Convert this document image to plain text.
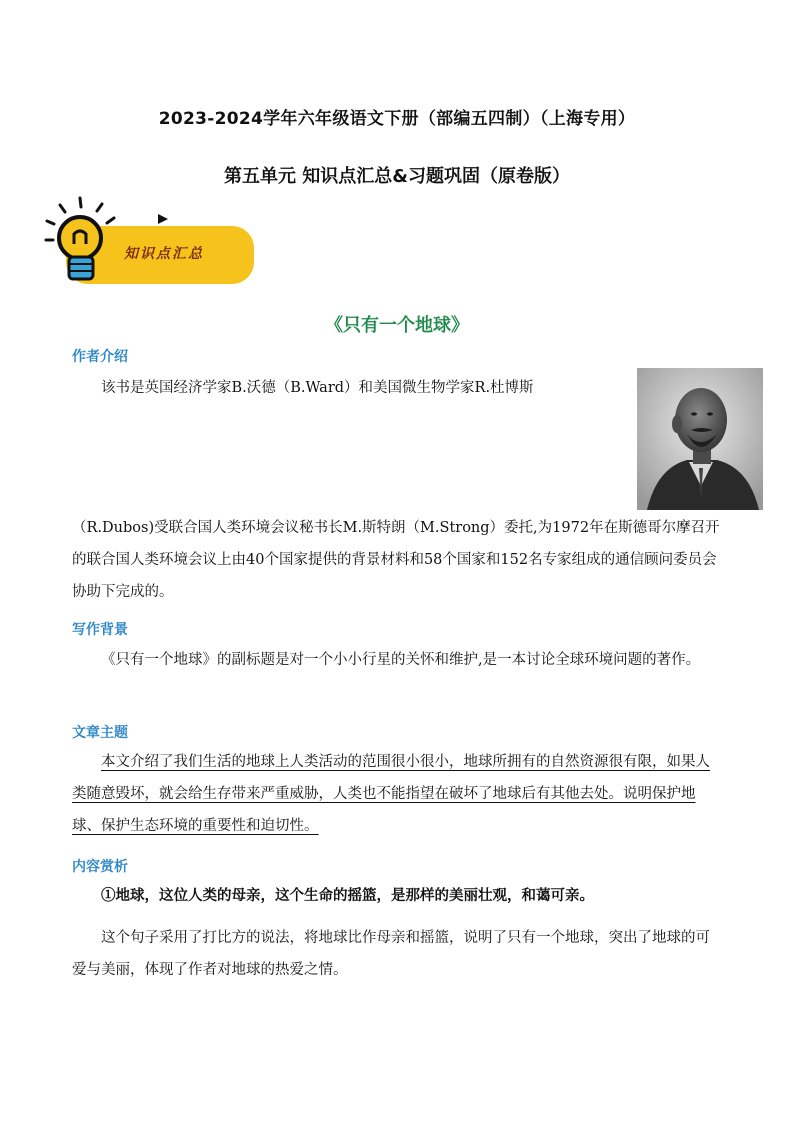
2023-2024学年六年级语文下册（部编五四制）（上海专用）
第五单元 知识点汇总&习题巩固（原卷版）
知识点汇总
《只有一个地球》
作者介绍
该书是英国经济学家B.沃德（B.Ward）和美国微生物学家R.杜博斯
（R.Dubos)受联合国人类环境会议秘书长M.斯特朗（M.Strong）委托,为1972年在斯德哥尔摩召开的联合国人类环境会议上由40个国家提供的背景材料和58个国家和152名专家组成的通信顾问委员会协助下完成的。
写作背景
《只有一个地球》的副标题是对一个小小行星的关怀和维护,是一本讨论全球环境问题的著作。
文章主题
本文介绍了我们生活的地球上人类活动的范围很小很小，地球所拥有的自然资源很有限，如果人类随意毁坏，就会给生存带来严重威胁，人类也不能指望在破坏了地球后有其他去处。说明保护地球、保护生态环境的重要性和迫切性。
内容赏析
①地球，这位人类的母亲，这个生命的摇篮，是那样的美丽壮观，和蔼可亲。
这个句子采用了打比方的说法，将地球比作母亲和摇篮，说明了只有一个地球，突出了地球的可爱与美丽，体现了作者对地球的热爱之情。
